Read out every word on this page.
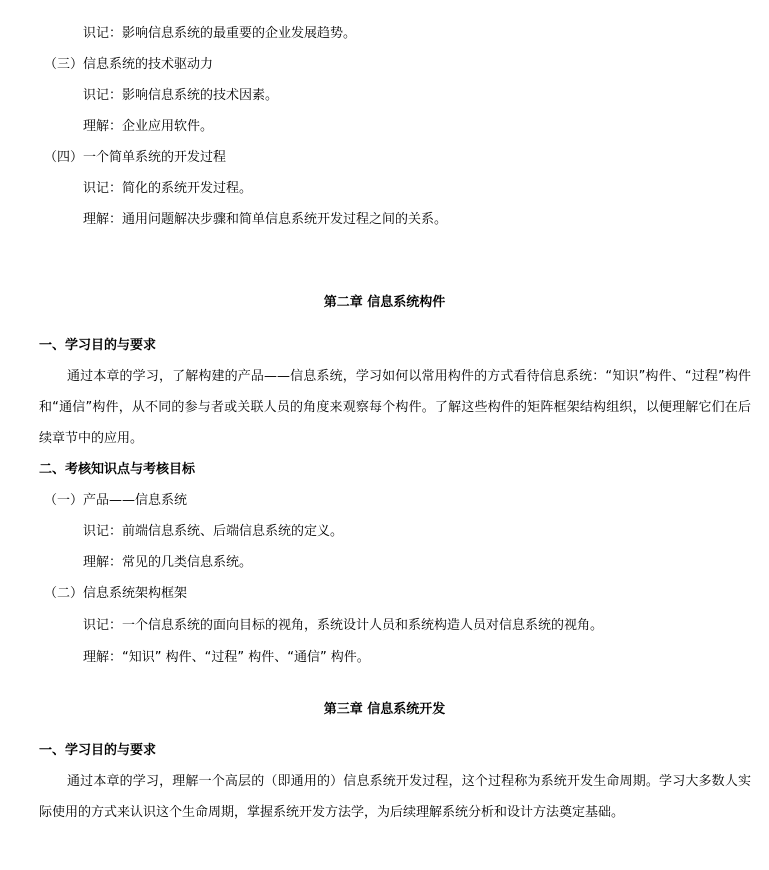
识记：影响信息系统的最重要的企业发展趋势。
（三）信息系统的技术驱动力
识记：影响信息系统的技术因素。
理解：企业应用软件。
（四）一个简单系统的开发过程
识记：简化的系统开发过程。
理解：通用问题解决步骤和简单信息系统开发过程之间的关系。
第二章 信息系统构件
一、学习目的与要求
通过本章的学习，了解构建的产品——信息系统，学习如何以常用构件的方式看待信息系统：“知识”构件、“过程”构件和“通信”构件，从不同的参与者或关联人员的角度来观察每个构件。了解这些构件的矩阵框架结构组织，以便理解它们在后续章节中的应用。
二、考核知识点与考核目标
（一）产品——信息系统
识记：前端信息系统、后端信息系统的定义。
理解：常见的几类信息系统。
（二）信息系统架构框架
识记：一个信息系统的面向目标的视角，系统设计人员和系统构造人员对信息系统的视角。
理解：“知识” 构件、“过程” 构件、“通信” 构件。
第三章 信息系统开发
一、学习目的与要求
通过本章的学习，理解一个高层的（即通用的）信息系统开发过程，这个过程称为系统开发生命周期。学习大多数人实际使用的方式来认识这个生命周期，掌握系统开发方法学，为后续理解系统分析和设计方法奠定基础。
